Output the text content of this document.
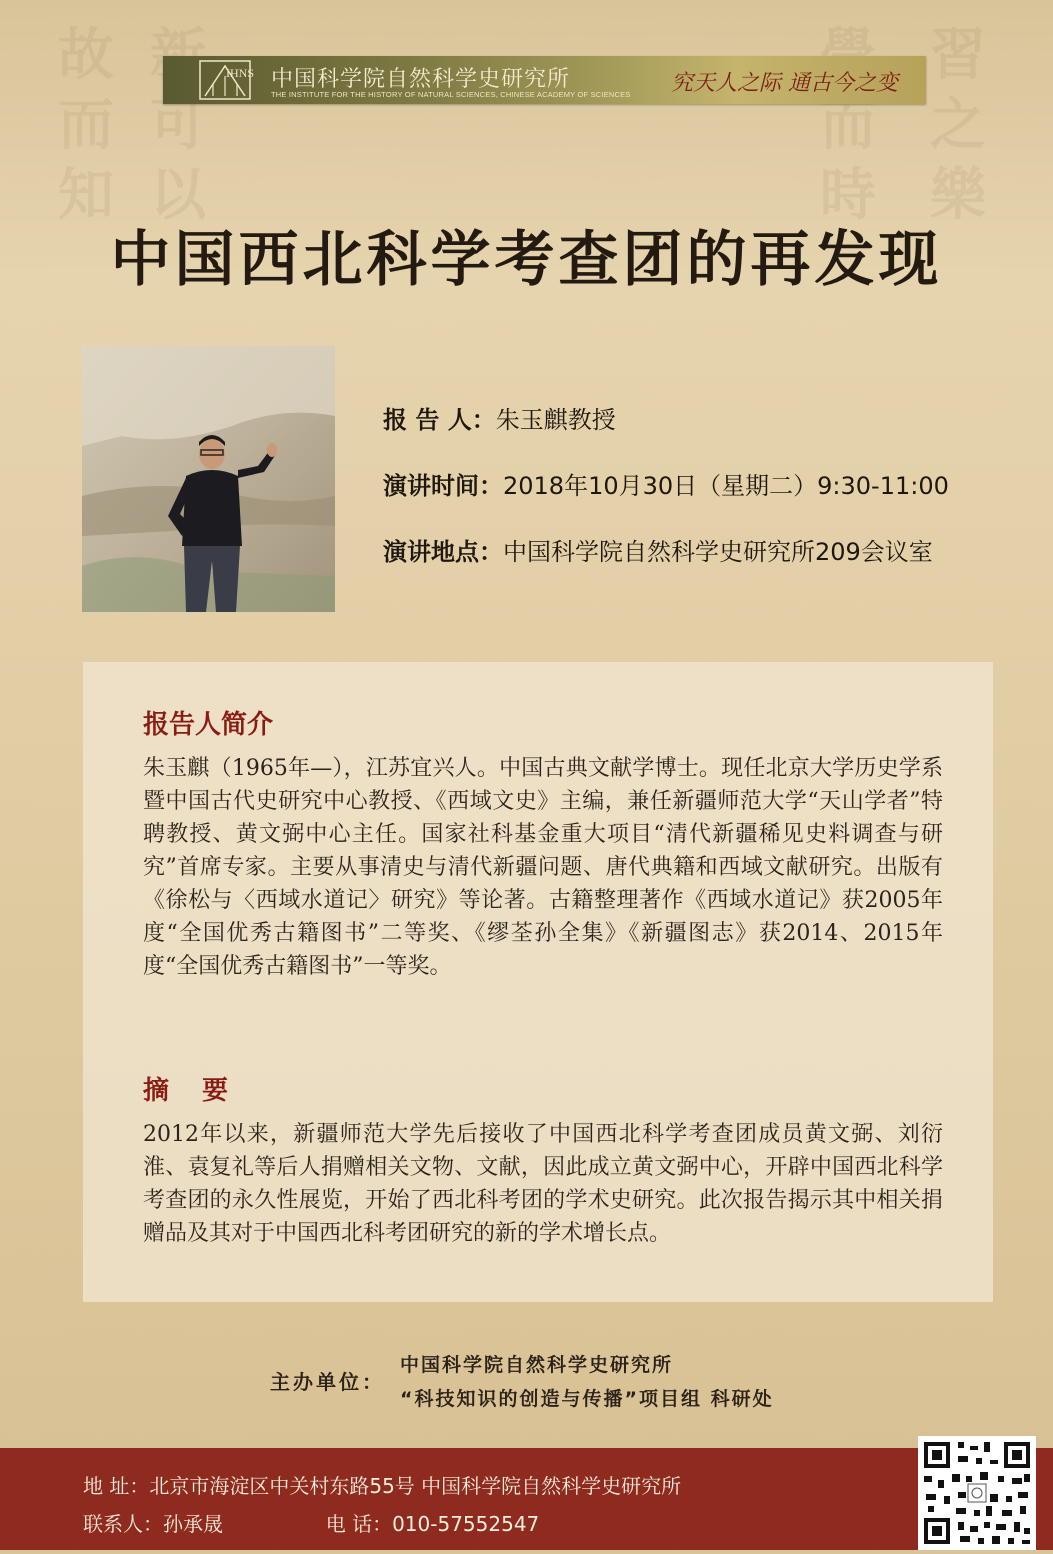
故
而
知
新
可
以
學
而
時
習
之
樂
IHNS 中国科学院自然科学史研究所
THE INSTITUTE FOR THE HISTORY OF NATURAL SCIENCES, CHINESE ACADEMY OF SCIENCES 究天人之际 通古今之变
中国西北科学考查团的再发现
报 告 人：朱玉麒教授
演讲时间：2018年10月30日（星期二）9:30-11:00
演讲地点：中国科学院自然科学史研究所209会议室
报告人简介
朱玉麒（1965年—），江苏宜兴人。中国古典文献学博士。现任北京大学历史学系暨中国古代史研究中心教授、《西域文史》主编，兼任新疆师范大学“天山学者”特聘教授、黄文弼中心主任。国家社科基金重大项目“清代新疆稀见史料调查与研究”首席专家。主要从事清史与清代新疆问题、唐代典籍和西域文献研究。出版有《徐松与〈西域水道记〉研究》等论著。古籍整理著作《西域水道记》获2005年度“全国优秀古籍图书”二等奖、《缪荃孙全集》《新疆图志》获2014、2015年度“全国优秀古籍图书”一等奖。
摘 要
2012年以来，新疆师范大学先后接收了中国西北科学考查团成员黄文弼、刘衍淮、袁复礼等后人捐赠相关文物、文献，因此成立黄文弼中心，开辟中国西北科学考查团的永久性展览，开始了西北科考团的学术史研究。此次报告揭示其中相关捐赠品及其对于中国西北科考团研究的新的学术增长点。
主办单位：
中国科学院自然科学史研究所
“科技知识的创造与传播”项目组 科研处
地 址：北京市海淀区中关村东路55号 中国科学院自然科学史研究所
联系人：孙承晟	电 话：010-57552547
